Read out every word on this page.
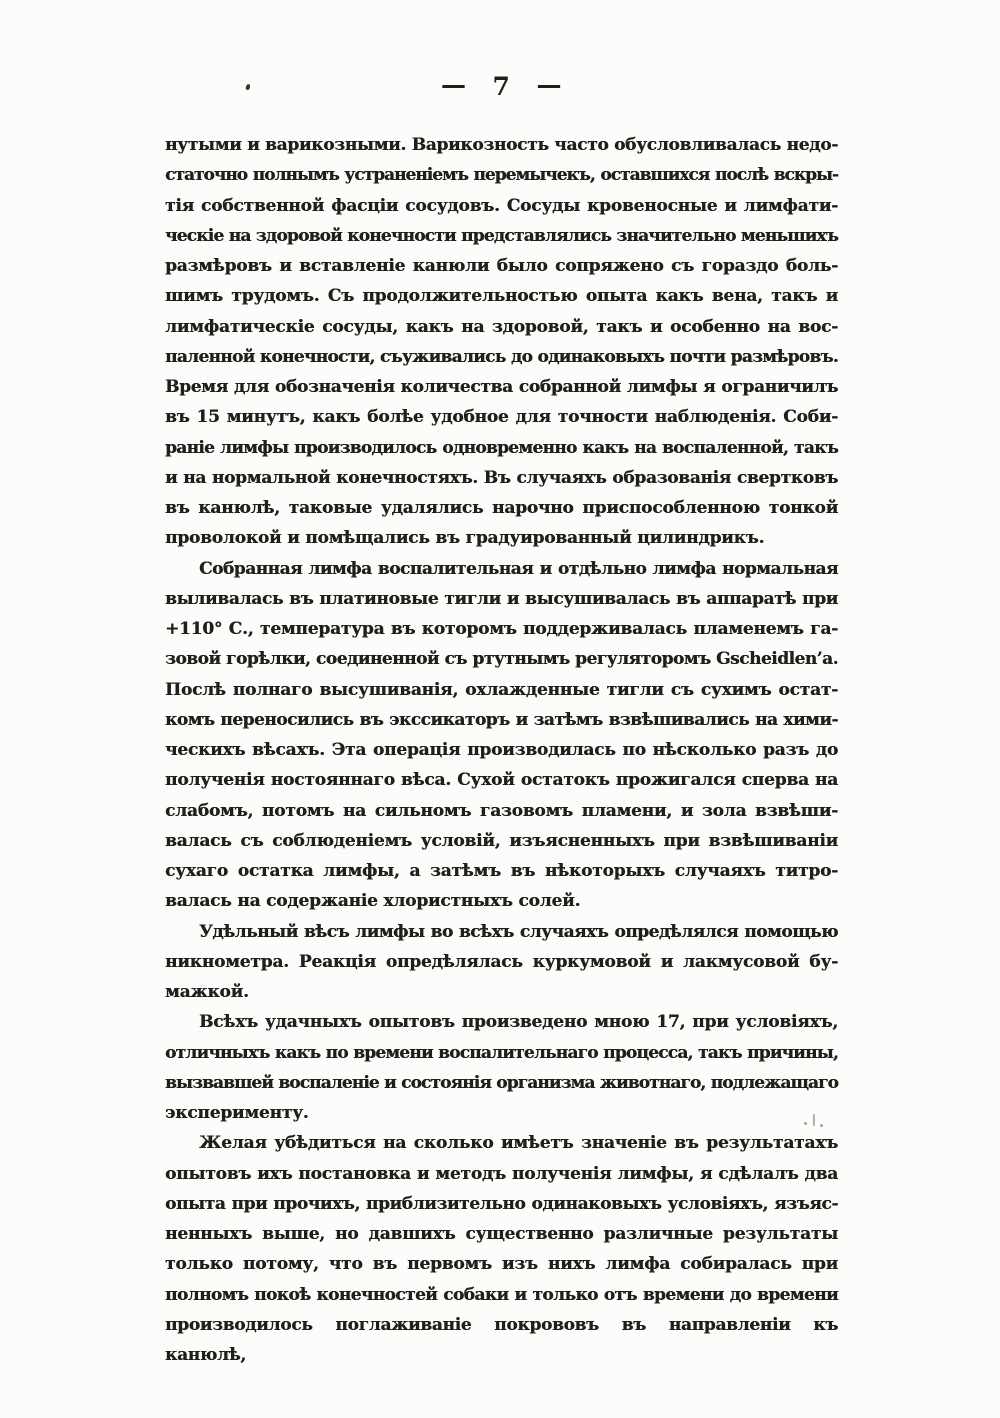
— 7 —
нутыми и варикозными. Варикозность часто обусловливалась недо-
статочно полнымъ устраненіемъ перемычекъ, оставшихся послѣ вскры-
тія собственной фасціи сосудовъ. Сосуды кровеносные и лимфати-
ческіе на здоровой конечности представлялись значительно меньшихъ
размѣровъ и вставленіе канюли было сопряжено съ гораздо боль-
шимъ трудомъ. Съ продолжительностью опыта какъ вена, такъ и
лимфатическіе сосуды, какъ на здоровой, такъ и особенно на вос-
паленной конечности, съуживались до одинаковыхъ почти размѣровъ.
Время для обозначенія количества собранной лимфы я ограничилъ
въ 15 минутъ, какъ болѣе удобное для точности наблюденія. Соби-
раніе лимфы производилось одновременно какъ на воспаленной, такъ
и на нормальной конечностяхъ. Въ случаяхъ образованія свертковъ
въ канюлѣ, таковые удалялись нарочно приспособленною тонкой
проволокой и помѣщались въ градуированный цилиндрикъ.
Собранная лимфа воспалительная и отдѣльно лимфа нормальная
выливалась въ платиновые тигли и высушивалась въ аппаратѣ при
+110° С., температура въ которомъ поддерживалась пламенемъ га-
зовой горѣлки, соединенной съ ртутнымъ регуляторомъ Gscheidlen’а.
Послѣ полнаго высушиванія, охлажденные тигли съ сухимъ остат-
комъ переносились въ экссикаторъ и затѣмъ взвѣшивались на хими-
ческихъ вѣсахъ. Эта операція производилась по нѣсколько разъ до
полученія ностояннаго вѣса. Сухой остатокъ прожигался сперва на
слабомъ, потомъ на сильномъ газовомъ пламени, и зола взвѣши-
валась съ соблюденіемъ условій, изъясненныхъ при взвѣшиваніи
сухаго остатка лимфы, а затѣмъ въ нѣкоторыхъ случаяхъ титро-
валась на содержаніе хлористныхъ солей.
Удѣльный вѣсъ лимфы во всѣхъ случаяхъ опредѣлялся помощью
никнометра. Реакція опредѣлялась куркумовой и лакмусовой бу-
мажкой.
Всѣхъ удачныхъ опытовъ произведено мною 17, при условіяхъ,
отличныхъ какъ по времени воспалительнаго процесса, такъ причины,
вызвавшей воспаленіе и состоянія организма животнаго, подлежащаго
эксперименту.
Желая убѣдиться на сколько имѣетъ значеніе въ результатахъ
опытовъ ихъ постановка и методъ полученія лимфы, я сдѣлалъ два
опыта при прочихъ, приблизительно одинаковыхъ условіяхъ, язъяс-
ненныхъ выше, но давшихъ существенно различные результаты
только потому, что въ первомъ изъ нихъ лимфа собиралась при
полномъ покоѣ конечностей собаки и только отъ времени до времени
производилось поглаживаніе покрововъ въ направленіи къ канюлѣ,
